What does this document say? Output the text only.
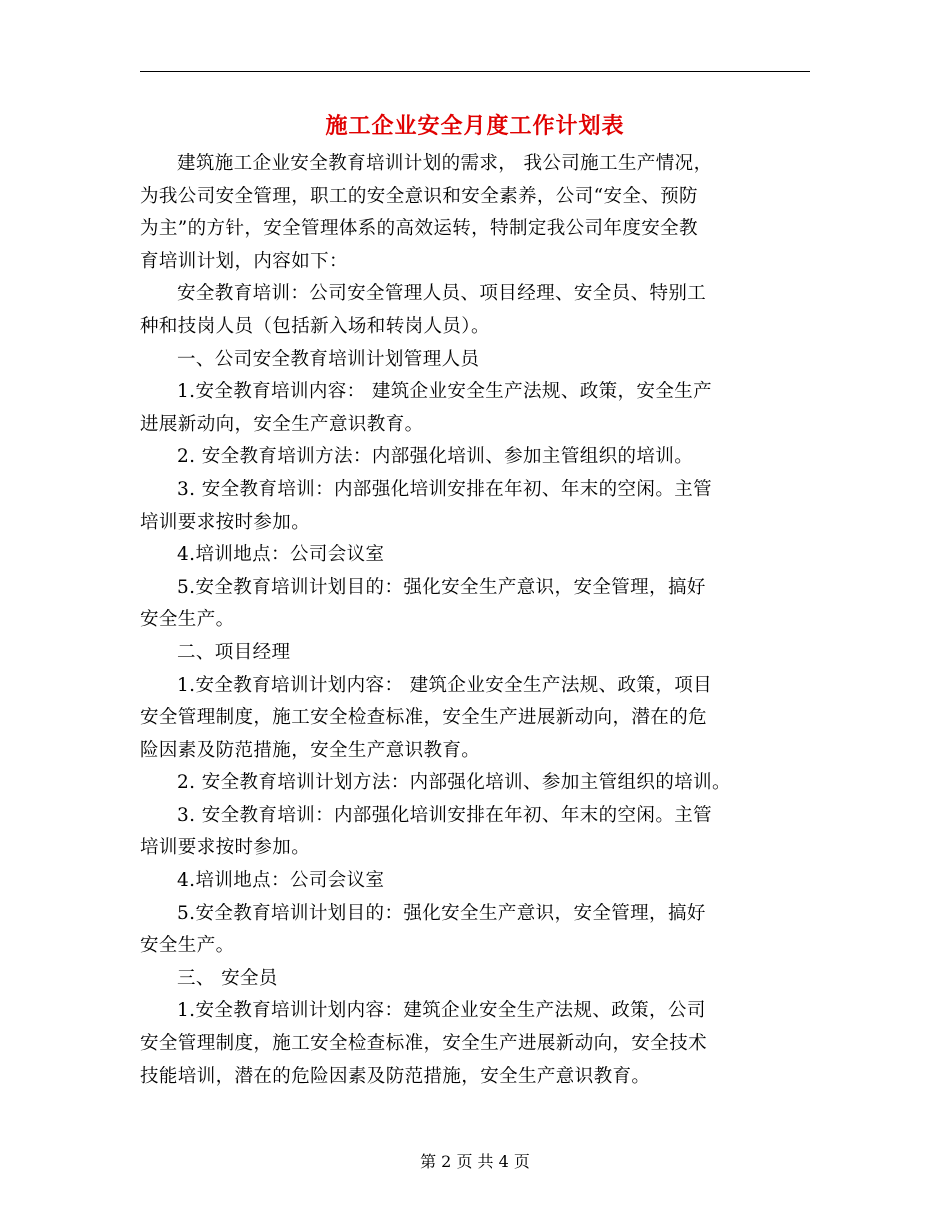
施工企业安全月度工作计划表

建筑施工企业安全教育培训计划的需求， 我公司施工生产情况，
为我公司安全管理，职工的安全意识和安全素养，公司“安全、预防
为主”的方针，安全管理体系的高效运转，特制定我公司年度安全教
育培训计划，内容如下：

安全教育培训：公司安全管理人员、项目经理、安全员、特别工
种和技岗人员（包括新入场和转岗人员）。

一、公司安全教育培训计划管理人员

1.安全教育培训内容： 建筑企业安全生产法规、政策，安全生产
进展新动向，安全生产意识教育。

2. 安全教育培训方法：内部强化培训、参加主管组织的培训。

3. 安全教育培训：内部强化培训安排在年初、年末的空闲。主管
培训要求按时参加。

4.培训地点：公司会议室

5.安全教育培训计划目的：强化安全生产意识，安全管理，搞好
安全生产。

二、项目经理

1.安全教育培训计划内容： 建筑企业安全生产法规、政策，项目
安全管理制度，施工安全检查标准，安全生产进展新动向，潜在的危
险因素及防范措施，安全生产意识教育。

2. 安全教育培训计划方法：内部强化培训、参加主管组织的培训。

3. 安全教育培训：内部强化培训安排在年初、年末的空闲。主管
培训要求按时参加。

4.培训地点：公司会议室

5.安全教育培训计划目的：强化安全生产意识，安全管理，搞好
安全生产。

三、 安全员

1.安全教育培训计划内容：建筑企业安全生产法规、政策，公司
安全管理制度，施工安全检查标准，安全生产进展新动向，安全技术
技能培训，潜在的危险因素及防范措施，安全生产意识教育。

第 2 页 共 4 页
